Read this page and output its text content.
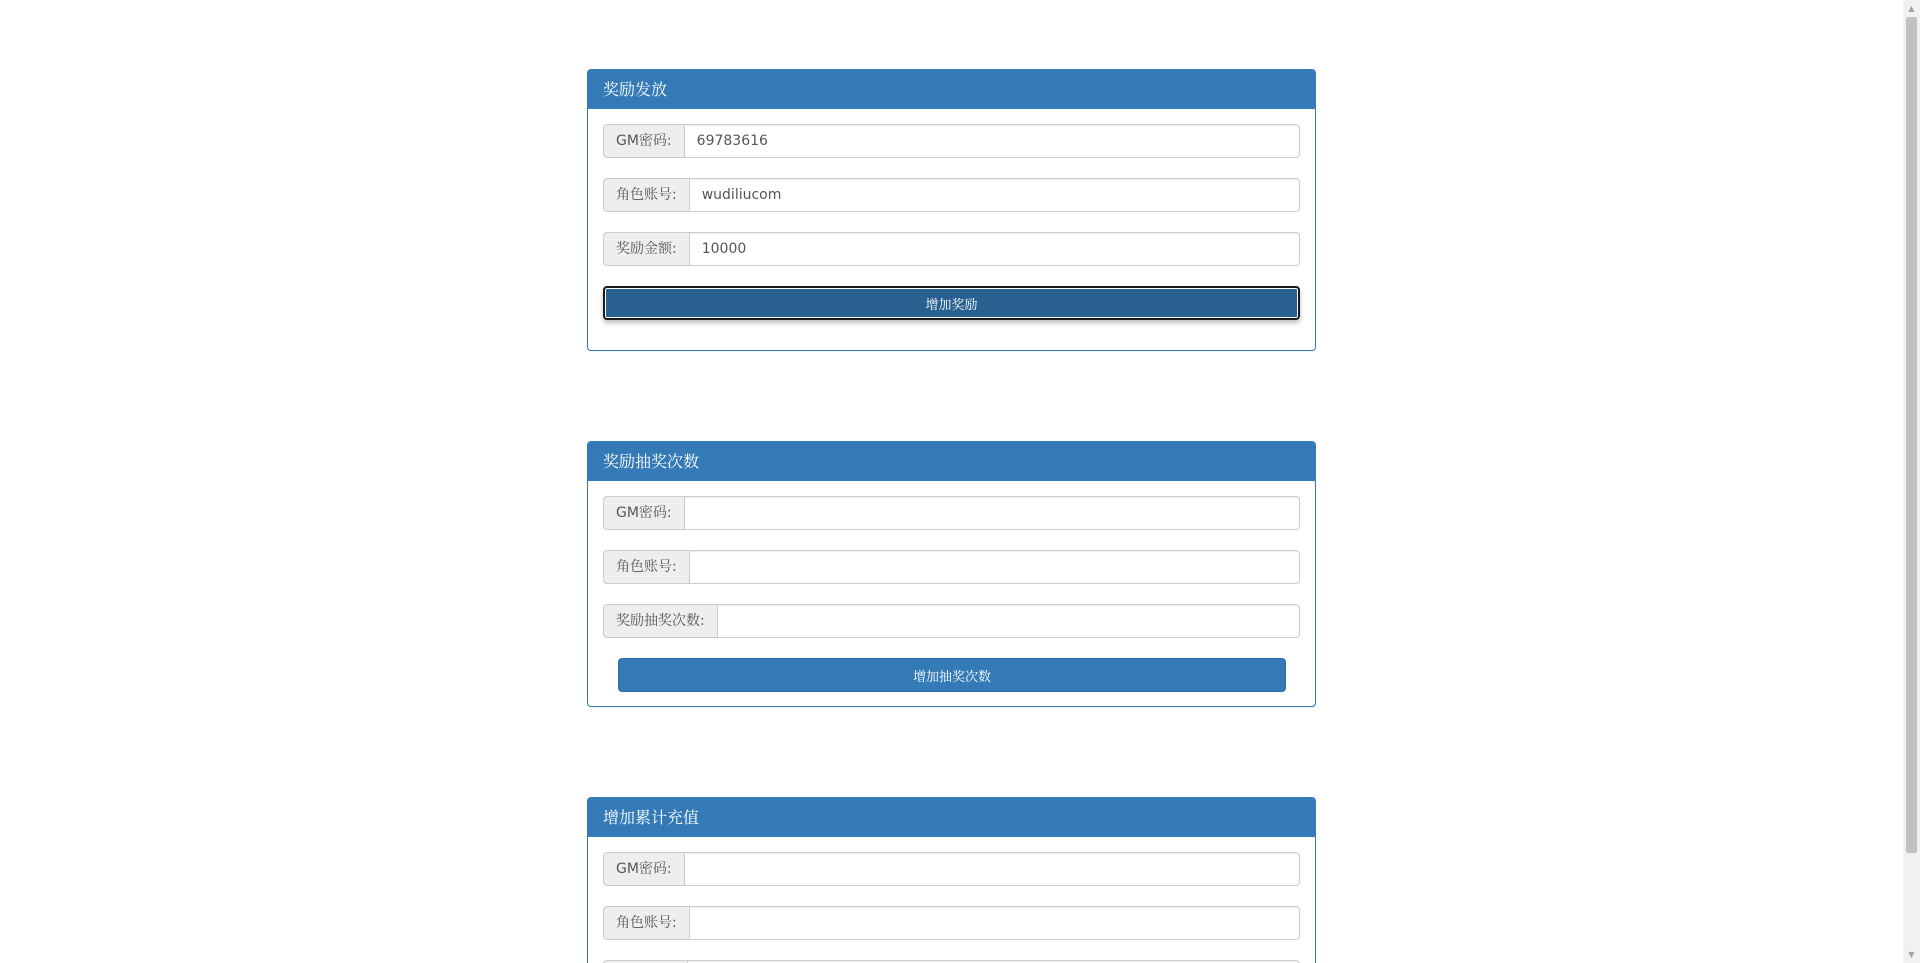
奖励发放
GM密码:
69783616
角色账号:
wudiliucom
奖励金额:
10000
增加奖励
奖励抽奖次数
GM密码:
角色账号:
奖励抽奖次数:
增加抽奖次数
增加累计充值
GM密码:
角色账号:
▲
▼
